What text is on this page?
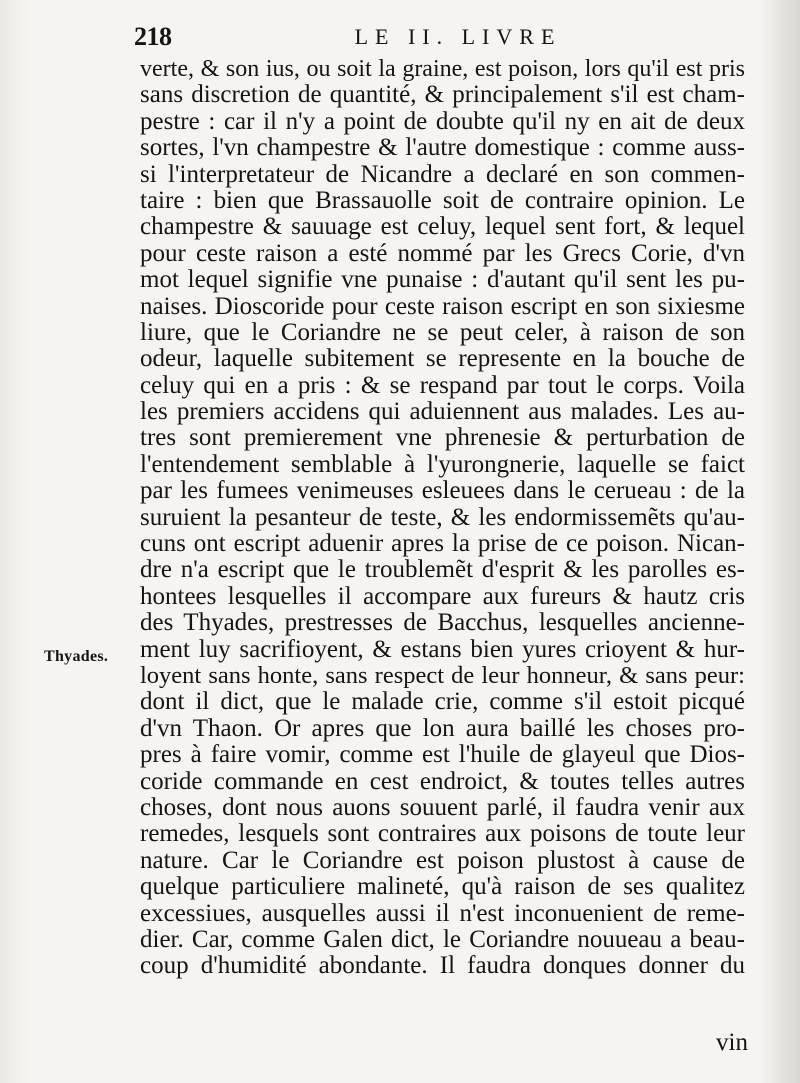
218	LE II. LIVRE
Thyades.
verte, & son ius, ou soit la graine, est poison, lors qu'il est pris
sans discretion de quantité, & principalement s'il est cham-
pestre : car il n'y a point de doubte qu'il ny en ait de deux
sortes, l'vn champestre & l'autre domestique : comme auss-
si l'interpretateur de Nicandre a declaré en son commen-
taire : bien que Brassauolle soit de contraire opinion. Le
champestre & sauuage est celuy, lequel sent fort, & lequel
pour ceste raison a esté nommé par les Grecs Corie, d'vn
mot lequel signifie vne punaise : d'autant qu'il sent les pu-
naises. Dioscoride pour ceste raison escript en son sixiesme
liure, que le Coriandre ne se peut celer, à raison de son
odeur, laquelle subitement se represente en la bouche de
celuy qui en a pris : & se respand par tout le corps. Voila
les premiers accidens qui aduiennent aus malades. Les au-
tres sont premierement vne phrenesie & perturbation de
l'entendement semblable à l'yurongnerie, laquelle se faict
par les fumees venimeuses esleuees dans le cerueau : de la
suruient la pesanteur de teste, & les endormissemẽts qu'au-
cuns ont escript aduenir apres la prise de ce poison. Nican-
dre n'a escript que le troublemẽt d'esprit & les parolles es-
hontees lesquelles il accompare aux fureurs & hautz cris
des Thyades, prestresses de Bacchus, lesquelles ancienne-
ment luy sacrifioyent, & estans bien yures crioyent & hur-
loyent sans honte, sans respect de leur honneur, & sans peur:
dont il dict, que le malade crie, comme s'il estoit picqué
d'vn Thaon. Or apres que lon aura baillé les choses pro-
pres à faire vomir, comme est l'huile de glayeul que Dios-
coride commande en cest endroict, & toutes telles autres
choses, dont nous auons souuent parlé, il faudra venir aux
remedes, lesquels sont contraires aux poisons de toute leur
nature. Car le Coriandre est poison plustost à cause de
quelque particuliere malineté, qu'à raison de ses qualitez
excessiues, ausquelles aussi il n'est inconuenient de reme-
dier. Car, comme Galen dict, le Coriandre nouueau a beau-
coup d'humidité abondante. Il faudra donques donner du
vin
